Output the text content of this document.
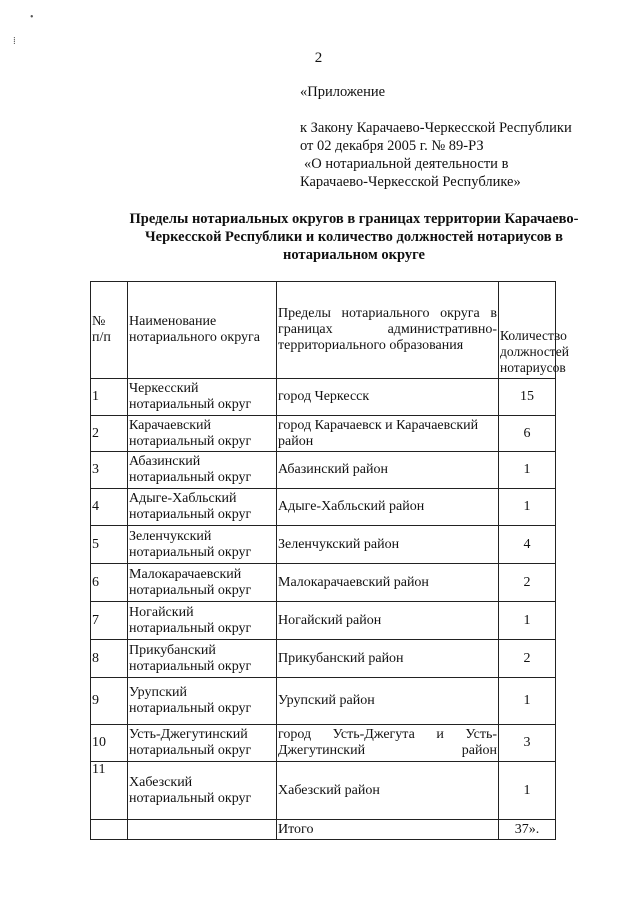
•
⁞
2
«Приложение
к Закону Карачаево-Черкесской Республики
от 02 декабря 2005 г. № 89-РЗ
«О нотариальной деятельности в
Карачаево-Черкесской Республике»
Пределы нотариальных округов в границах территории Карачаево-
Черкесской Республики и количество должностей нотариусов в
нотариальном округе
№
п/п	Наименование нотариального округа	Пределы нотариального округа в границах административно-территориального образования	Количество должностей нотариусов
1	Черкесский нотариальный округ	город Черкесск	15
2	Карачаевский нотариальный округ	город Карачаевск и Карачаевский район	6
3	Абазинский нотариальный округ	Абазинский район	1
4	Адыге-Хабльский нотариальный округ	Адыге-Хабльский район	1
5	Зеленчукский нотариальный округ	Зеленчукский район	4
6	Малокарачаевский нотариальный округ	Малокарачаевский район	2
7	Ногайский нотариальный округ	Ногайский район	1
8	Прикубанский нотариальный округ	Прикубанский район	2
9	Урупский нотариальный округ	Урупский район	1
10	Усть-Джегутинский нотариальный округ	город Усть-Джегута и Усть-Джегутинский район	3
11	Хабезский нотариальный округ	Хабезский район	1
		Итого	37».
